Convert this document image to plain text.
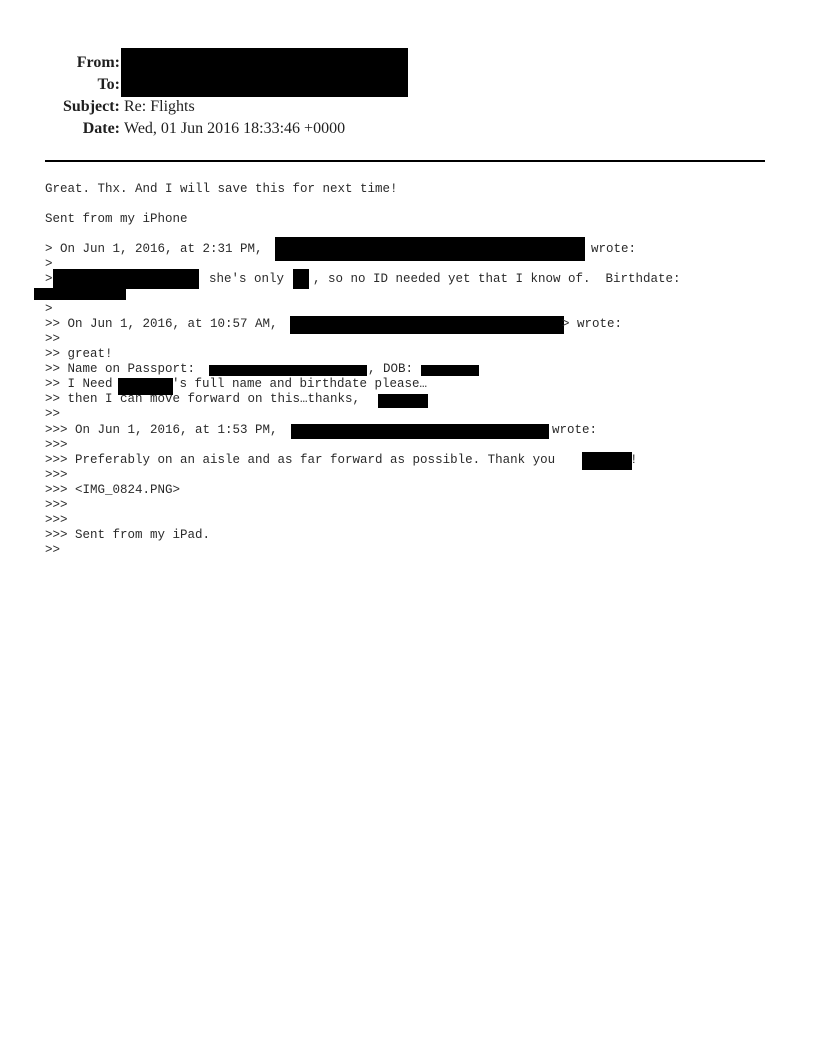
From:
To:
Subject: Re: Flights
Date: Wed, 01 Jun 2016 18:33:46 +0000
Great. Thx. And I will save this for next time!
Sent from my iPhone
> On Jun 1, 2016, at 2:31 PM,	wrote:
>
>	she's only , so no ID needed yet that I know of.  Birthdate:
>
>> On Jun 1, 2016, at 10:57 AM,	> wrote:
>>
>> great!
>> Name on Passport:	, DOB:
>> I Need	's full name and birthdate please…
>> then I can move forward on this…thanks,
>>
>>> On Jun 1, 2016, at 1:53 PM,	wrote:
>>>
>>> Preferably on an aisle and as far forward as possible. Thank you	!
>>>
>>> <IMG_0824.PNG>
>>>
>>>
>>> Sent from my iPad.
>>
